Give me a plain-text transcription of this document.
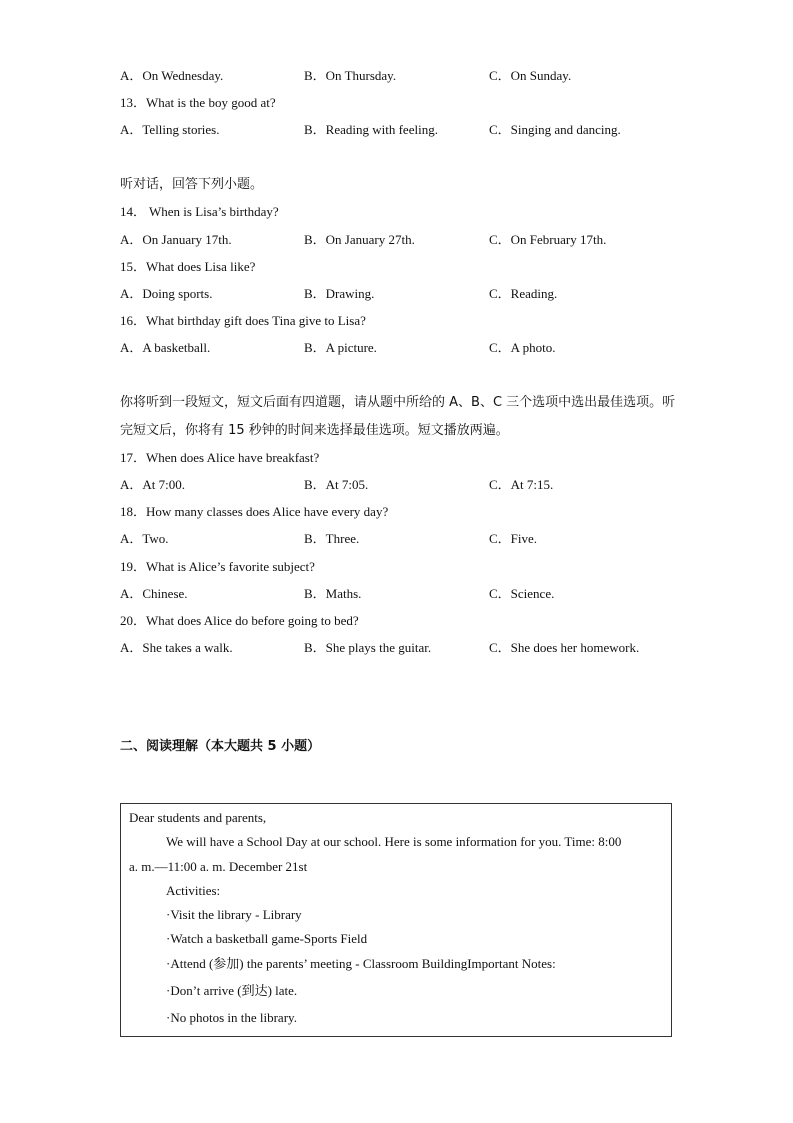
A．On Wednesday.	B．On Thursday.	C．On Sunday.
13．What is the boy good at?
A．Telling stories.	B．Reading with feeling.	C．Singing and dancing.
听对话，回答下列小题。
14． When is Lisa’s birthday?
A．On January 17th.	B．On January 27th.	C．On February 17th.
15．What does Lisa like?
A．Doing sports.	B．Drawing.	C．Reading.
16．What birthday gift does Tina give to Lisa?
A．A basketball.	B．A picture.	C．A photo.
你将听到一段短文，短文后面有四道题，请从题中所给的 A、B、C 三个选项中选出最佳选项。听完短文后，你将有 15 秒钟的时间来选择最佳选项。短文播放两遍。
17．When does Alice have breakfast?
A．At 7:00.	B．At 7:05.	C．At 7:15.
18．How many classes does Alice have every day?
A．Two.	B．Three.	C．Five.
19．What is Alice’s favorite subject?
A．Chinese.	B．Maths.	C．Science.
20．What does Alice do before going to bed?
A．She takes a walk.	B．She plays the guitar.	C．She does her homework.
二、阅读理解（本大题共 5 小题）
Dear students and parents,
We will have a School Day at our school. Here is some information for you. Time: 8:00
a. m.—11:00 a. m. December 21st
Activities:
·Visit the library - Library
·Watch a basketball game-Sports Field
·Attend (参加) the parents’ meeting - Classroom BuildingImportant Notes:
·Don’t arrive (到达) late.
·No photos in the library.
